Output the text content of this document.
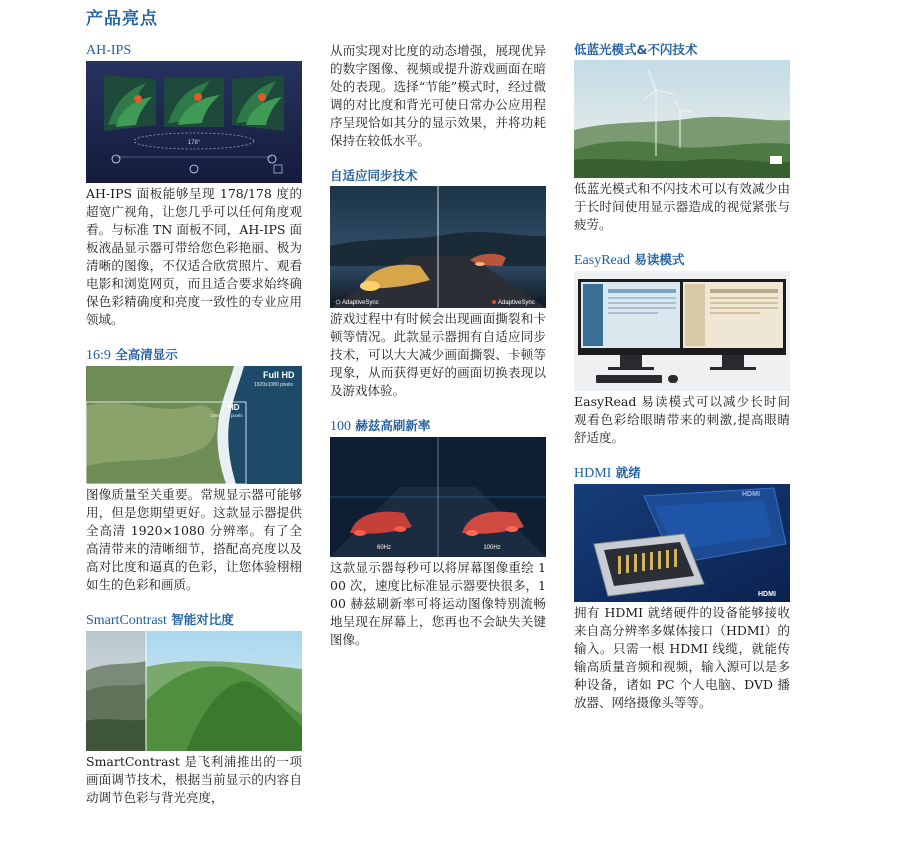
产品亮点
AH-IPS
178°
AH-IPS 面板能够呈现 178/178 度的超宽广视角，让您几乎可以任何角度观看。与标准 TN 面板不同，AH-IPS 面板液晶显示器可带给您色彩艳丽、极为清晰的图像，不仅适合欣赏照片、观看电影和浏览网页，而且适合要求始终确保色彩精确度和亮度一致性的专业应用领域。
16:9 全高清显示
Full HD
1920x1080 pixels
HD
1366x768 pixels
图像质量至关重要。常规显示器可能够用，但是您期望更好。这款显示器提供全高清 1920×1080 分辨率。有了全高清带来的清晰细节，搭配高亮度以及高对比度和逼真的色彩，让您体验栩栩如生的色彩和画质。
SmartContrast 智能对比度
SmartContrast 是飞利浦推出的一项画面调节技术，根据当前显示的内容自动调节色彩与背光亮度，
从而实现对比度的动态增强，展现优异的数字图像、视频或提升游戏画面在暗处的表现。选择“节能”模式时，经过微调的对比度和背光可使日常办公应用程序呈现恰如其分的显示效果，并将功耗保持在较低水平。
自适应同步技术
AdaptiveSync	AdaptiveSync
游戏过程中有时候会出现画面撕裂和卡顿等情况。此款显示器拥有自适应同步技术，可以大大减少画面撕裂、卡顿等现象，从而获得更好的画面切换表现以及游戏体验。
100 赫兹高刷新率
60Hz	100Hz
这款显示器每秒可以将屏幕图像重绘 100 次，速度比标准显示器要快很多，100 赫兹刷新率可将运动图像特别流畅地呈现在屏幕上，您再也不会缺失关键图像。
低蓝光模式&不闪技术
低蓝光模式和不闪技术可以有效减少由于长时间使用显示器造成的视觉紧张与疲劳。
EasyRead 易读模式
EasyRead 易读模式可以减少长时间观看色彩给眼睛带来的刺激,提高眼睛舒适度。
HDMI 就绪
HDMI
HDMI
拥有 HDMI 就绪硬件的设备能够接收来自高分辨率多媒体接口（HDMI）的输入。只需一根 HDMI 线缆，就能传输高质量音频和视频，输入源可以是多种设备，诸如 PC 个人电脑、DVD 播放器、网络摄像头等等。
